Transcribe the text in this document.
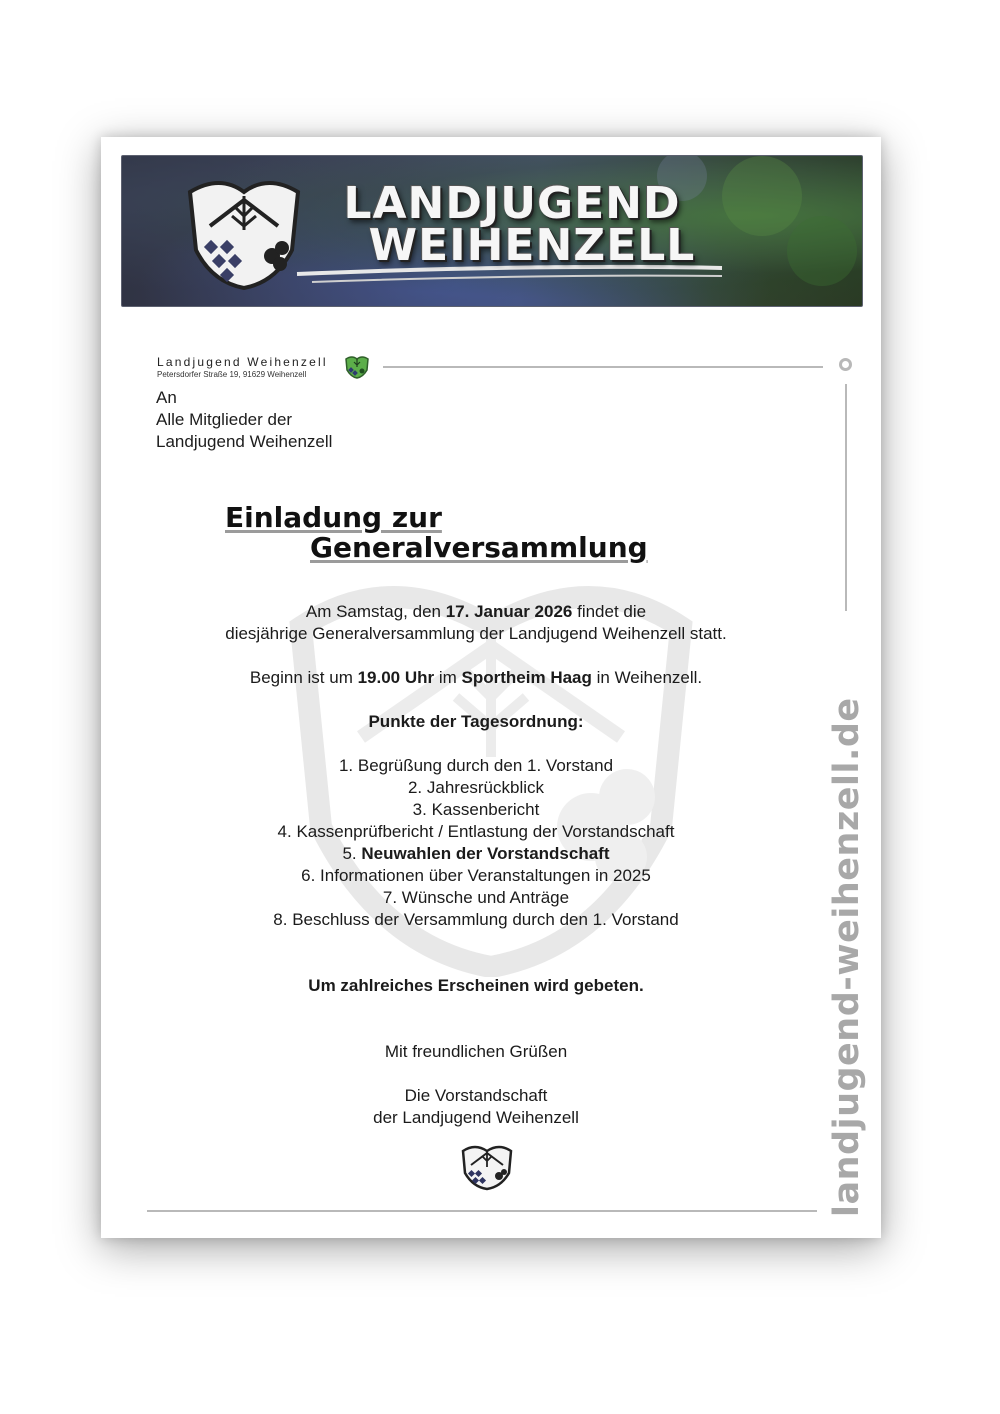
LANDJUGEND
WEIHENZELL
Landjugend Weihenzell
Petersdorfer Straße 19, 91629 Weihenzell
landjugend-weihenzell.de
An
Alle Mitglieder der
Landjugend Weihenzell
Einladung zur
Generalversammlung
Am Samstag, den 17. Januar 2026 findet die
diesjährige Generalversammlung der Landjugend Weihenzell statt.
Beginn ist um 19.00 Uhr im Sportheim Haag in Weihenzell.
Punkte der Tagesordnung:
1. Begrüßung durch den 1. Vorstand
2. Jahresrückblick
3. Kassenbericht
4. Kassenprüfbericht / Entlastung der Vorstandschaft
5. Neuwahlen der Vorstandschaft
6. Informationen über Veranstaltungen in 2025
7. Wünsche und Anträge
8. Beschluss der Versammlung durch den 1. Vorstand
Um zahlreiches Erscheinen wird gebeten.
Mit freundlichen Grüßen
Die Vorstandschaft
der Landjugend Weihenzell
